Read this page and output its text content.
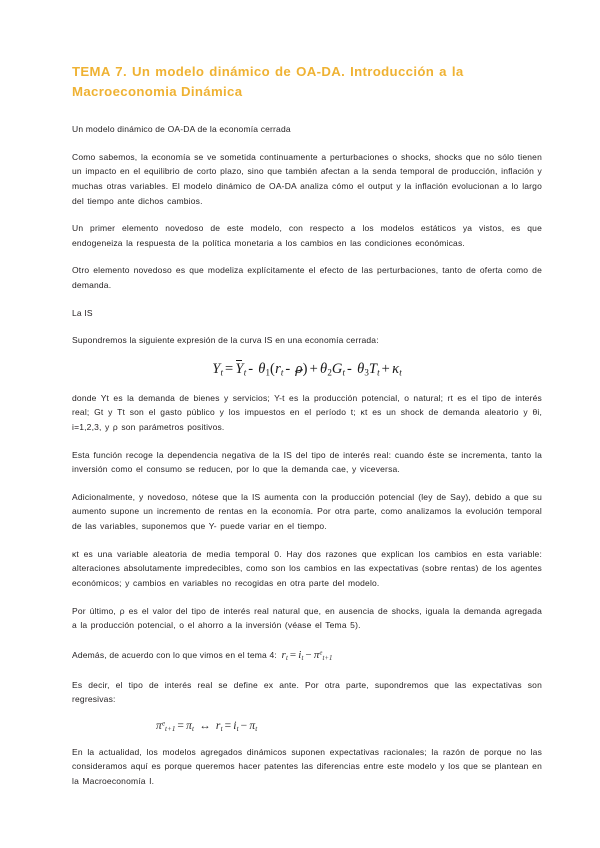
TEMA 7. Un modelo dinámico de OA-DA. Introducción a la
Macroeconomia Dinámica

Un modelo dinámico de OA-DA de la economía cerrada

Como sabemos, la economía se ve sometida continuamente a perturbaciones o shocks, shocks que no sólo tienen un impacto en el equilibrio de corto plazo, sino que también afectan a la senda temporal de producción, inflación y muchas otras variables. El modelo dinámico de OA-DA analiza cómo el output y la inflación evolucionan a lo largo del tiempo ante dichos cambios.

Un primer elemento novedoso de este modelo, con respecto a los modelos estáticos ya vistos, es que endogeneiza la respuesta de la política monetaria a los cambios en las condiciones económicas.

Otro elemento novedoso es que modeliza explícitamente el efecto de las perturbaciones, tanto de oferta como de demanda.

La IS

Supondremos la siguiente expresión de la curva IS en una economía cerrada:

$Y_t = Y_t - \theta_1(r_t - \rho) + \theta_2G_t - \theta_3T_t + \kappa_t$

donde Yt es la demanda de bienes y servicios; Y-t es la producción potencial, o natural; rt es el tipo de interés real; Gt y Tt son el gasto público y los impuestos en el período t; κt es un shock de demanda aleatorio y θi, i=1,2,3, y ρ son parámetros positivos.

Esta función recoge la dependencia negativa de la IS del tipo de interés real: cuando éste se incrementa, tanto la inversión como el consumo se reducen, por lo que la demanda cae, y viceversa.

Adicionalmente, y novedoso, nótese que la IS aumenta con la producción potencial (ley de Say), debido a que su aumento supone un incremento de rentas en la economía. Por otra parte, como analizamos la evolución temporal de las variables, suponemos que Y- puede variar en el tiempo.

κt es una variable aleatoria de media temporal 0. Hay dos razones que explican los cambios en esta variable: alteraciones absolutamente impredecibles, como son los cambios en las expectativas (sobre rentas) de los agentes económicos; y cambios en variables no recogidas en otra parte del modelo.

Por último, ρ es el valor del tipo de interés real natural que, en ausencia de shocks, iguala la demanda agregada a la producción potencial, o el ahorro a la inversión (véase el Tema 5).

Además, de acuerdo con lo que vimos en el tema 4: $r_t = i_t - \pi^e_{t+1}$

Es decir, el tipo de interés real se define ex ante. Por otra parte, supondremos que las expectativas son regresivas:

$\pi^e_{t+1} = \pi_t$ ↔ $r_t = i_t - \pi_t$

En la actualidad, los modelos agregados dinámicos suponen expectativas racionales; la razón de porque no las consideramos aquí es porque queremos hacer patentes las diferencias entre este modelo y los que se plantean en la Macroeconomía I.
